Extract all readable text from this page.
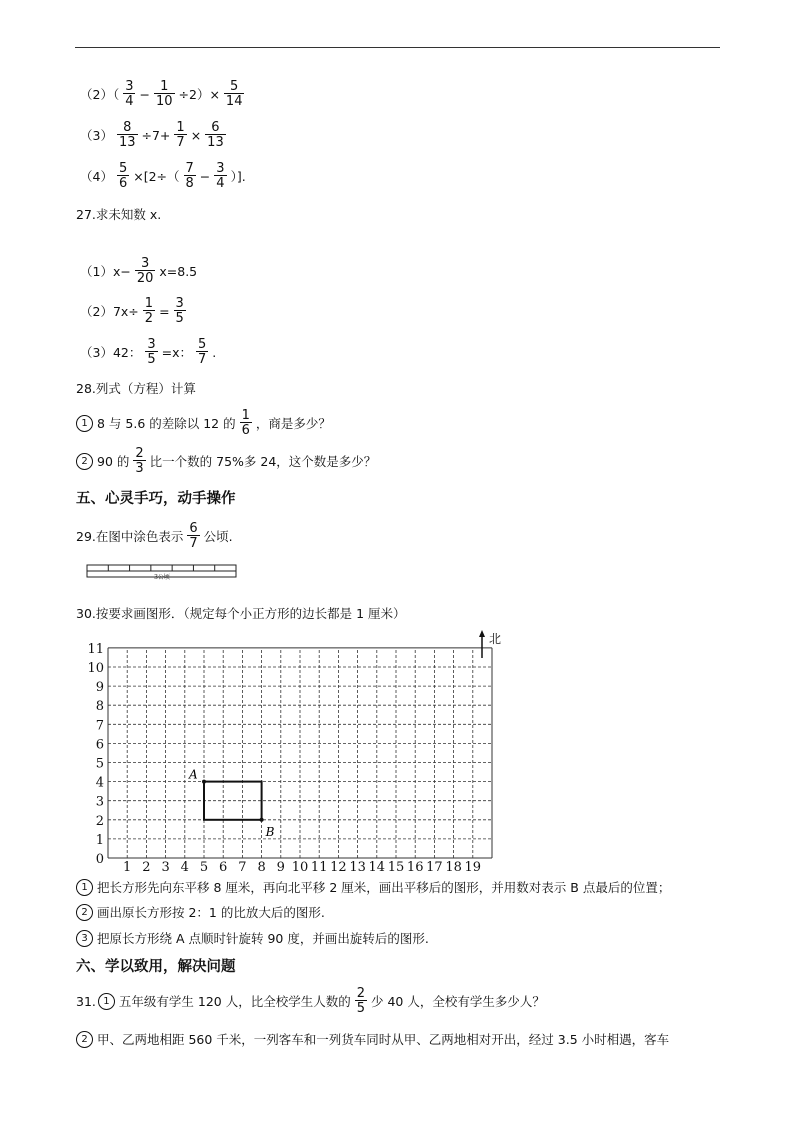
$(2)( \frac{3}{4} - \frac{1}{10} \div 2)\times \frac{5}{14}$
$(3) \frac{8}{13} \div 7+ \frac{1}{7} \times \frac{6}{13}$
$(4) \frac{5}{6} \times[2\div( \frac{7}{8} - \frac{3}{4}$ ）].
27.求未知数 x.
$(1)x- \frac{3}{20} x=8.5$
$(2)7x\div \frac{1}{2} = \frac{3}{5}$
（3）42： $\frac{3}{5} =x$： $\frac{5}{7}$ .
28.列式（方程）计算
1 8 与 5.6 的差除以 12 的 $\frac{1}{6}$ ，商是多少？
2 90 的 $\frac{2}{3}$ 比一个数的 75%多 24，这个数是多少？
五、心灵手巧，动手操作
29.在图中涂色表示 $\frac{6}{7}$ 公顷.
3公顷
30.按要求画图形．（规定每个小正方形的边长都是 1 厘米）
1 2 3 4 5 6 7 8 9 10 11 12 13 14 15 16 17 18 19
0
1
2
3
4
5
6
7
8
9
10
11
A
B
北
1 把长方形先向东平移 8 厘米，再向北平移 2 厘米，画出平移后的图形，并用数对表示 B 点最后的位置；
2 画出原长方形按 2：1 的比放大后的图形.
3 把原长方形绕 A 点顺时针旋转 90 度，并画出旋转后的图形.
六、学以致用，解决问题
31. 1 五年级有学生 120 人，比全校学生人数的 $\frac{2}{5}$ 少 40 人，全校有学生多少人？
2 甲、乙两地相距 560 千米，一列客车和一列货车同时从甲、乙两地相对开出，经过 3.5 小时相遇，客车
